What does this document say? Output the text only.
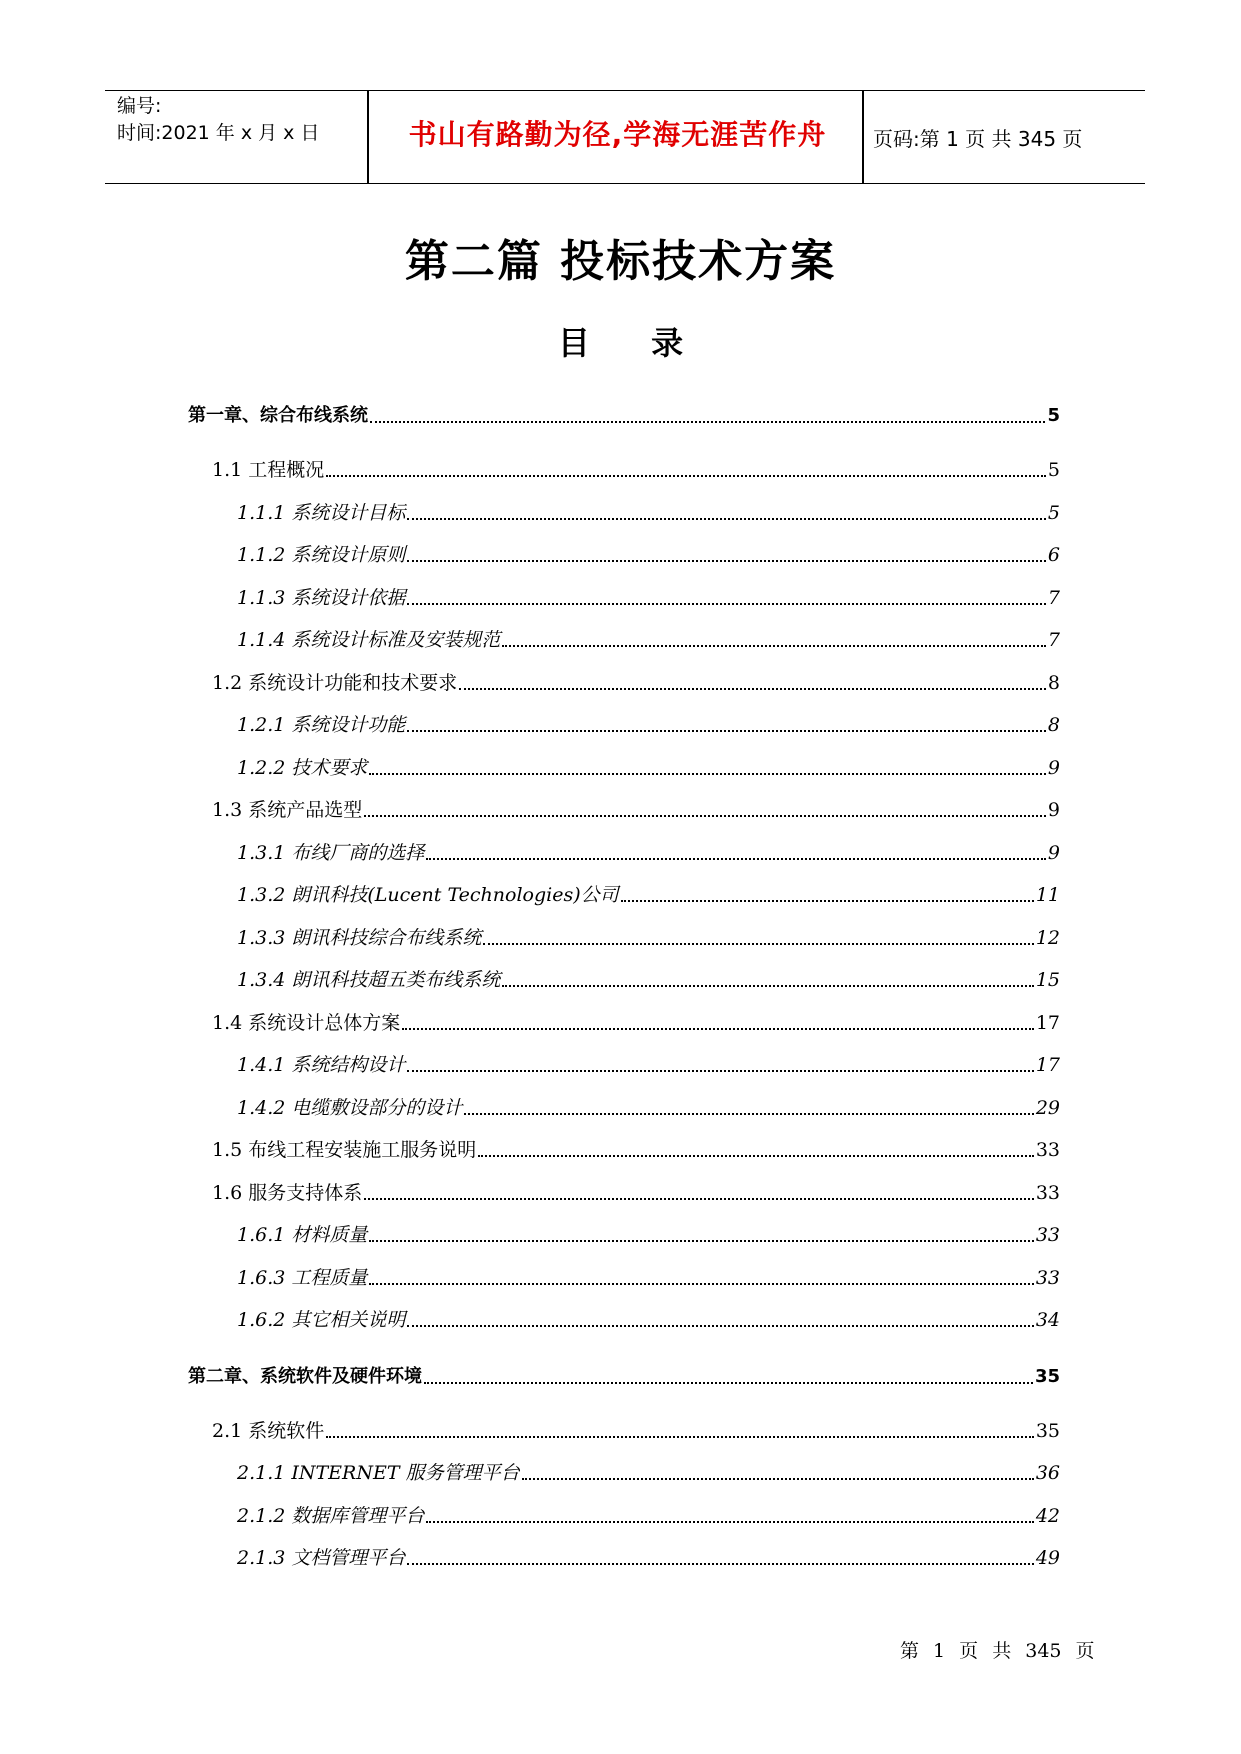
编号:
时间:2021 年 x 月 x 日	书山有路勤为径,学海无涯苦作舟	页码:第 1 页 共 345 页
第二篇 投标技术方案
目 录
第一章、综合布线系统	5
1.1 工程概况	5
1.1.1 系统设计目标	5
1.1.2 系统设计原则	6
1.1.3 系统设计依据	7
1.1.4 系统设计标准及安装规范	7
1.2 系统设计功能和技术要求	8
1.2.1 系统设计功能	8
1.2.2 技术要求	9
1.3 系统产品选型	9
1.3.1 布线厂商的选择	9
1.3.2 朗讯科技(Lucent Technologies)公司	11
1.3.3 朗讯科技综合布线系统	12
1.3.4 朗讯科技超五类布线系统	15
1.4 系统设计总体方案	17
1.4.1 系统结构设计	17
1.4.2 电缆敷设部分的设计	29
1.5 布线工程安装施工服务说明	33
1.6 服务支持体系	33
1.6.1 材料质量	33
1.6.3 工程质量	33
1.6.2 其它相关说明	34
第二章、系统软件及硬件环境	35
2.1 系统软件	35
2.1.1 INTERNET 服务管理平台	36
2.1.2 数据库管理平台	42
2.1.3 文档管理平台	49
第 1 页 共 345 页
